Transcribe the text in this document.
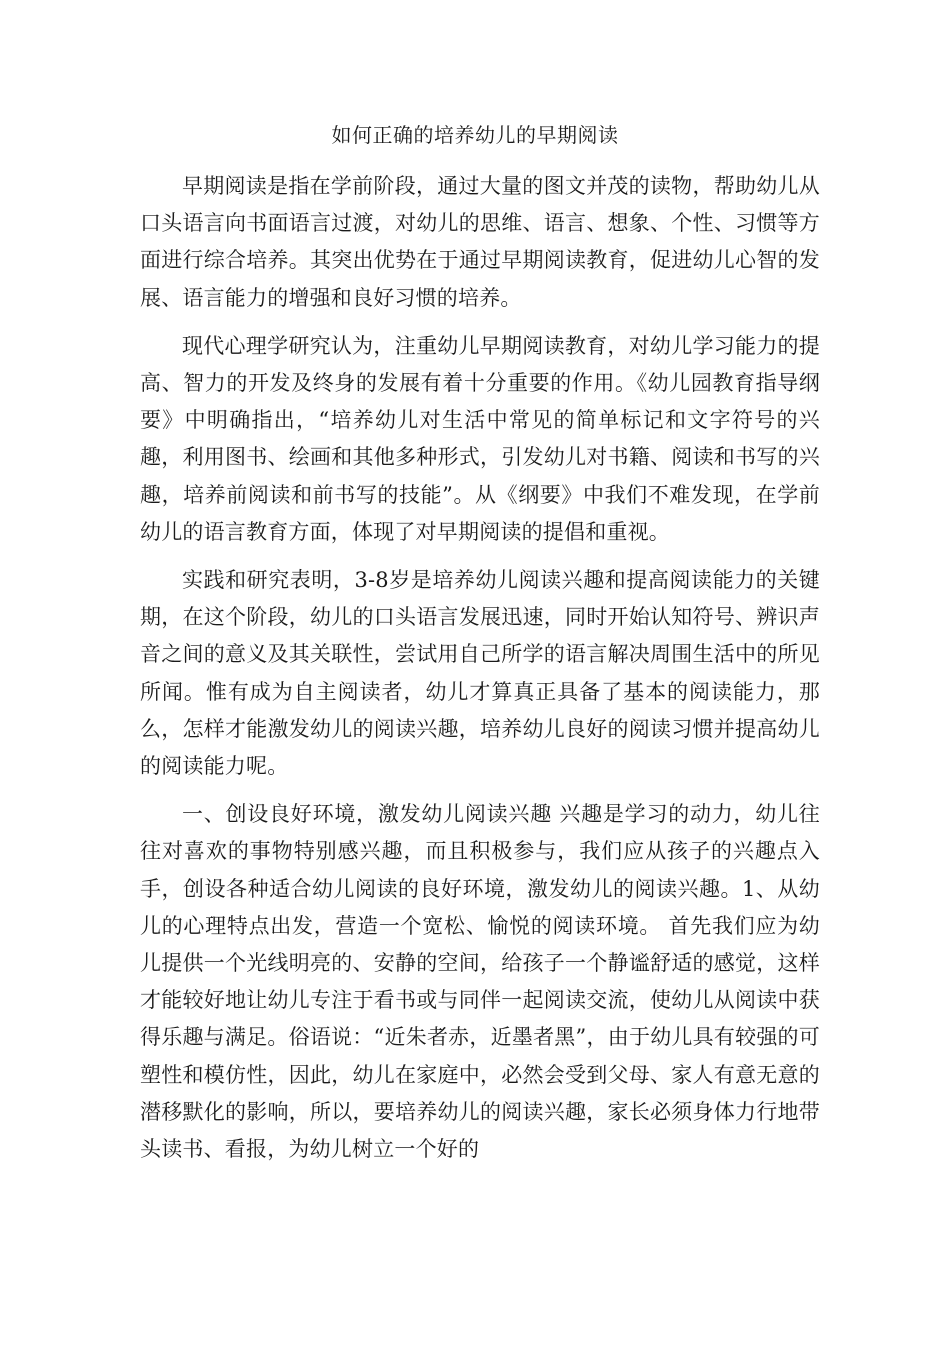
如何正确的培养幼儿的早期阅读

早期阅读是指在学前阶段，通过大量的图文并茂的读物，帮助幼儿从口头语言向书面语言过渡，对幼儿的思维、语言、想象、个性、习惯等方面进行综合培养。其突出优势在于通过早期阅读教育，促进幼儿心智的发展、语言能力的增强和良好习惯的培养。

现代心理学研究认为，注重幼儿早期阅读教育，对幼儿学习能力的提高、智力的开发及终身的发展有着十分重要的作用。《幼儿园教育指导纲要》中明确指出，“培养幼儿对生活中常见的简单标记和文字符号的兴趣，利用图书、绘画和其他多种形式，引发幼儿对书籍、阅读和书写的兴趣，培养前阅读和前书写的技能”。从《纲要》中我们不难发现，在学前幼儿的语言教育方面，体现了对早期阅读的提倡和重视。

实践和研究表明，3-8岁是培养幼儿阅读兴趣和提高阅读能力的关键期，在这个阶段，幼儿的口头语言发展迅速，同时开始认知符号、辨识声音之间的意义及其关联性，尝试用自己所学的语言解决周围生活中的所见所闻。惟有成为自主阅读者，幼儿才算真正具备了基本的阅读能力，那么，怎样才能激发幼儿的阅读兴趣，培养幼儿良好的阅读习惯并提高幼儿的阅读能力呢。

一、创设良好环境，激发幼儿阅读兴趣 兴趣是学习的动力，幼儿往往对喜欢的事物特别感兴趣，而且积极参与，我们应从孩子的兴趣点入手，创设各种适合幼儿阅读的良好环境，激发幼儿的阅读兴趣。1、从幼儿的心理特点出发，营造一个宽松、愉悦的阅读环境。 首先我们应为幼儿提供一个光线明亮的、安静的空间，给孩子一个静谧舒适的感觉，这样才能较好地让幼儿专注于看书或与同伴一起阅读交流，使幼儿从阅读中获得乐趣与满足。俗语说：“近朱者赤，近墨者黑”，由于幼儿具有较强的可塑性和模仿性，因此，幼儿在家庭中，必然会受到父母、家人有意无意的潜移默化的影响，所以，要培养幼儿的阅读兴趣，家长必须身体力行地带头读书、看报，为幼儿树立一个好的
